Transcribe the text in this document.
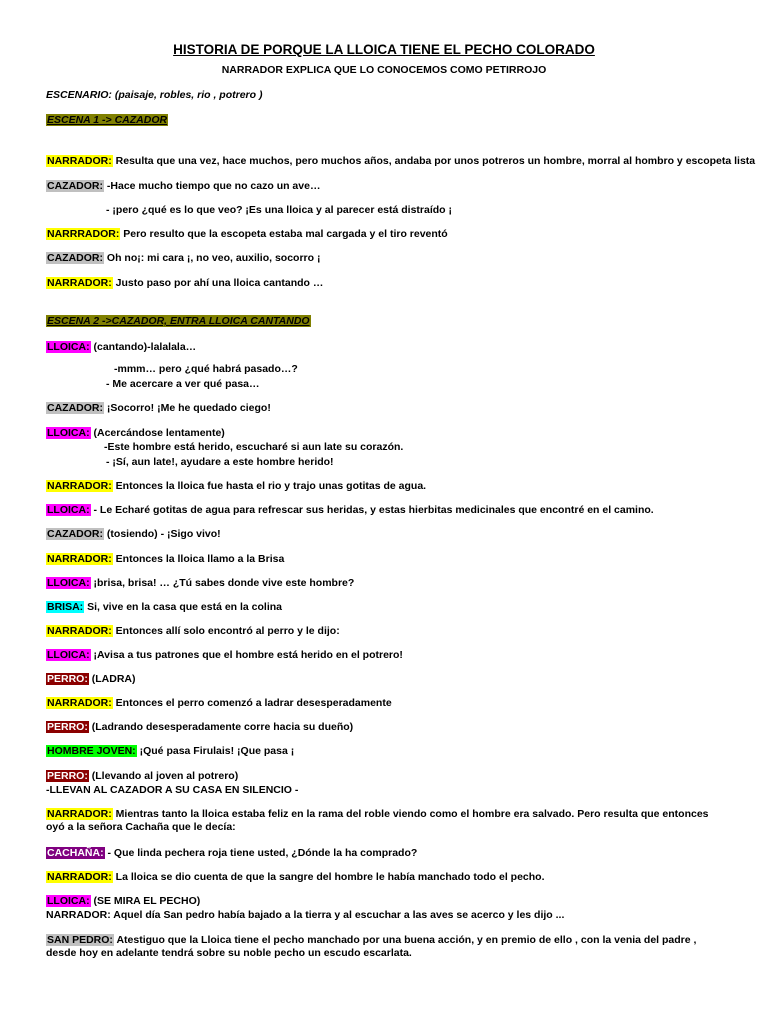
HISTORIA DE PORQUE LA LLOICA TIENE EL PECHO COLORADO
NARRADOR EXPLICA QUE LO CONOCEMOS COMO PETIRROJO
ESCENARIO: (paisaje, robles, rio , potrero )
ESCENA 1 -> CAZADOR
NARRADOR: Resulta que una vez, hace muchos, pero muchos años, andaba por unos potreros un hombre, morral al hombro y escopeta lista
CAZADOR: -Hace mucho tiempo que no cazo un ave…
- ¡pero ¿qué es lo que veo? ¡Es una lloica y al parecer está distraído ¡
NARRRADOR: Pero resulto que la escopeta estaba mal cargada y el tiro reventó
CAZADOR: Oh no¡: mi cara ¡, no veo, auxilio, socorro ¡
NARRADOR: Justo paso por ahí una lloica cantando …
ESCENA 2 ->CAZADOR, ENTRA LLOICA CANTANDO
LLOICA: (cantando)-lalalala…
-mmm… pero ¿qué habrá pasado…?
- Me acercare a ver qué pasa…
CAZADOR: ¡Socorro! ¡Me he quedado ciego!
LLOICA: (Acercándose lentamente)
-Este hombre está herido, escucharé si aun late su corazón.
- ¡Sí, aun late!, ayudare a este hombre herido!
NARRADOR: Entonces la lloica fue hasta el rio y trajo unas gotitas de agua.
LLOICA: - Le Echaré gotitas de agua para refrescar sus heridas, y estas hierbitas medicinales que encontré en el camino.
CAZADOR: (tosiendo) - ¡Sigo vivo!
NARRADOR: Entonces la lloica llamo a la Brisa
LLOICA: ¡brisa, brisa! … ¿Tú sabes donde vive este hombre?
BRISA: Si, vive en la casa que está en la colina
NARRADOR: Entonces allí solo encontró al perro y le dijo:
LLOICA: ¡Avisa a tus patrones que el hombre está herido en el potrero!
PERRO: (LADRA)
NARRADOR: Entonces el perro comenzó a ladrar desesperadamente
PERRO: (Ladrando desesperadamente corre hacia su dueño)
HOMBRE JOVEN: ¡Qué pasa Firulais! ¡Que pasa ¡
PERRO: (Llevando al joven al potrero)
-LLEVAN AL CAZADOR A SU CASA EN SILENCIO -
NARRADOR: Mientras tanto la lloica estaba feliz en la rama del roble viendo como el hombre era salvado. Pero resulta que entonces oyó a la señora Cachaña que le decía:
CACHAÑA: - Que linda pechera roja tiene usted, ¿Dónde la ha comprado?
NARRADOR: La lloica se dio cuenta de que la sangre del hombre le había manchado todo el pecho.
LLOICA: (SE MIRA EL PECHO)
NARRADOR: Aquel día San pedro había bajado a la tierra y al escuchar a las aves se acerco y les dijo ...
SAN PEDRO: Atestiguo que la Lloica tiene el pecho manchado por una buena acción, y en premio de ello , con la venia del padre , desde hoy en adelante tendrá sobre su noble pecho un escudo escarlata.
